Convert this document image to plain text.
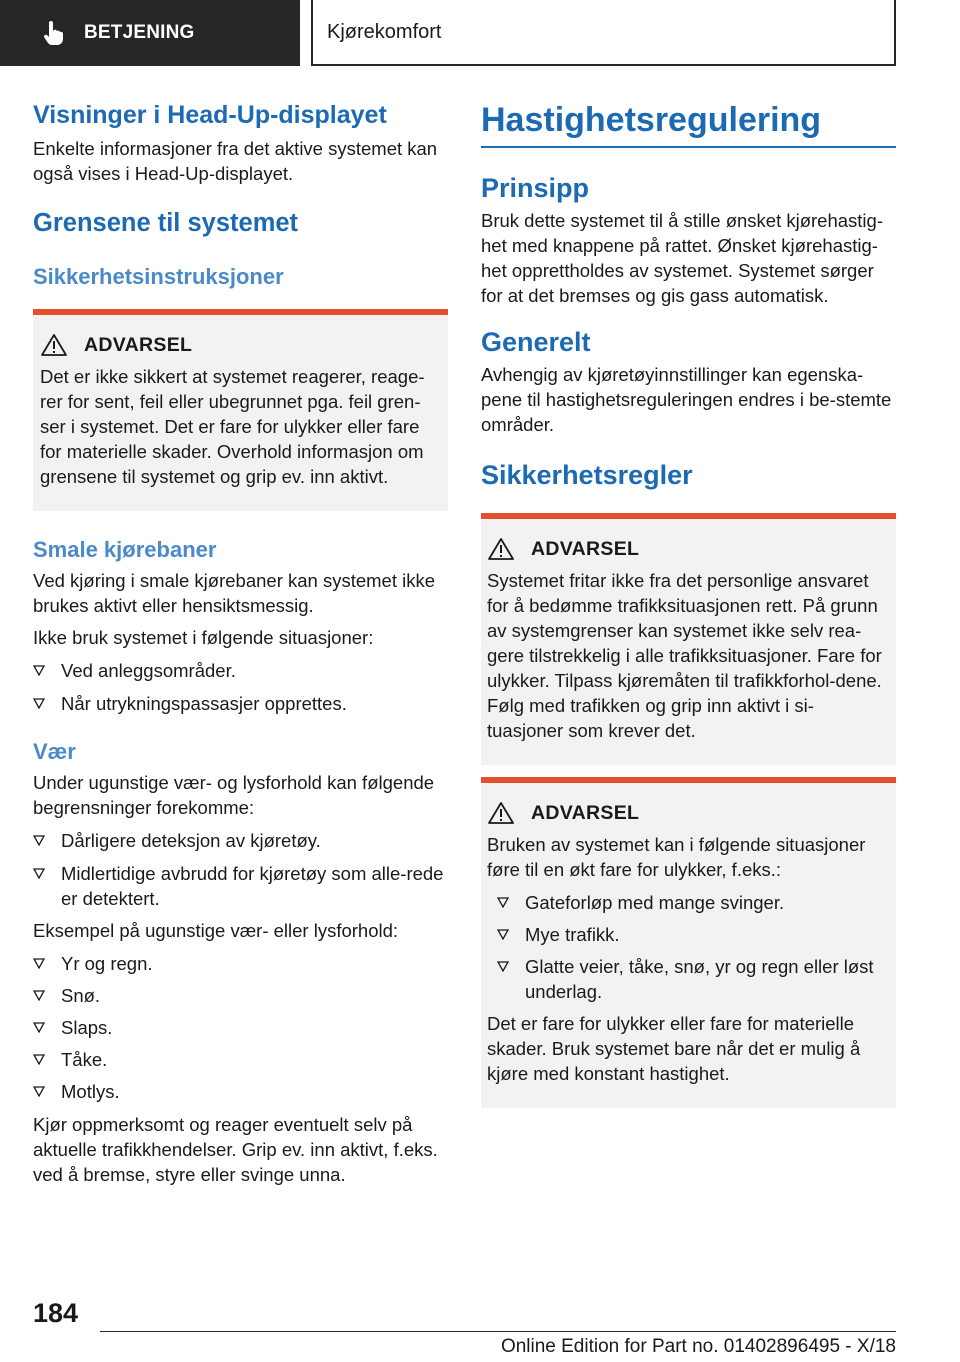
BETJENING	Kjørekomfort
Visninger i Head-Up-displayet
Enkelte informasjoner fra det aktive systemet kan også vises i Head-Up-displayet.
Grensene til systemet
Sikkerhetsinstruksjoner
ADVARSEL
Det er ikke sikkert at systemet reagerer, reage-rer for sent, feil eller ubegrunnet pga. feil gren-ser i systemet. Det er fare for ulykker eller fare for materielle skader. Overhold informasjon om grensene til systemet og grip ev. inn aktivt.
Smale kjørebaner
Ved kjøring i smale kjørebaner kan systemet ikke brukes aktivt eller hensiktsmessig.
Ikke bruk systemet i følgende situasjoner:
Ved anleggsområder.
Når utrykningspassasjer opprettes.
Vær
Under ugunstige vær- og lysforhold kan følgende begrensninger forekomme:
Dårligere deteksjon av kjøretøy.
Midlertidige avbrudd for kjøretøy som alle-rede er detektert.
Eksempel på ugunstige vær- eller lysforhold:
Yr og regn.
Snø.
Slaps.
Tåke.
Motlys.
Kjør oppmerksomt og reager eventuelt selv på aktuelle trafikkhendelser. Grip ev. inn aktivt, f.eks. ved å bremse, styre eller svinge unna.
Hastighetsregulering
Prinsipp
Bruk dette systemet til å stille ønsket kjørehastig-het med knappene på rattet. Ønsket kjørehastig-het opprettholdes av systemet. Systemet sørger for at det bremses og gis gass automatisk.
Generelt
Avhengig av kjøretøyinnstillinger kan egenska-pene til hastighetsreguleringen endres i be-stemte områder.
Sikkerhetsregler
ADVARSEL
Systemet fritar ikke fra det personlige ansvaret for å bedømme trafikksituasjonen rett. På grunn av systemgrenser kan systemet ikke selv rea-gere tilstrekkelig i alle trafikksituasjoner. Fare for ulykker. Tilpass kjøremåten til trafikkforhol-dene. Følg med trafikken og grip inn aktivt i si-tuasjoner som krever det.
ADVARSEL
Bruken av systemet kan i følgende situasjoner føre til en økt fare for ulykker, f.eks.:
Gateforløp med mange svinger.
Mye trafikk.
Glatte veier, tåke, snø, yr og regn eller løst underlag.
Det er fare for ulykker eller fare for materielle skader. Bruk systemet bare når det er mulig å kjøre med konstant hastighet.
184
Online Edition for Part no. 01402896495 - X/18
